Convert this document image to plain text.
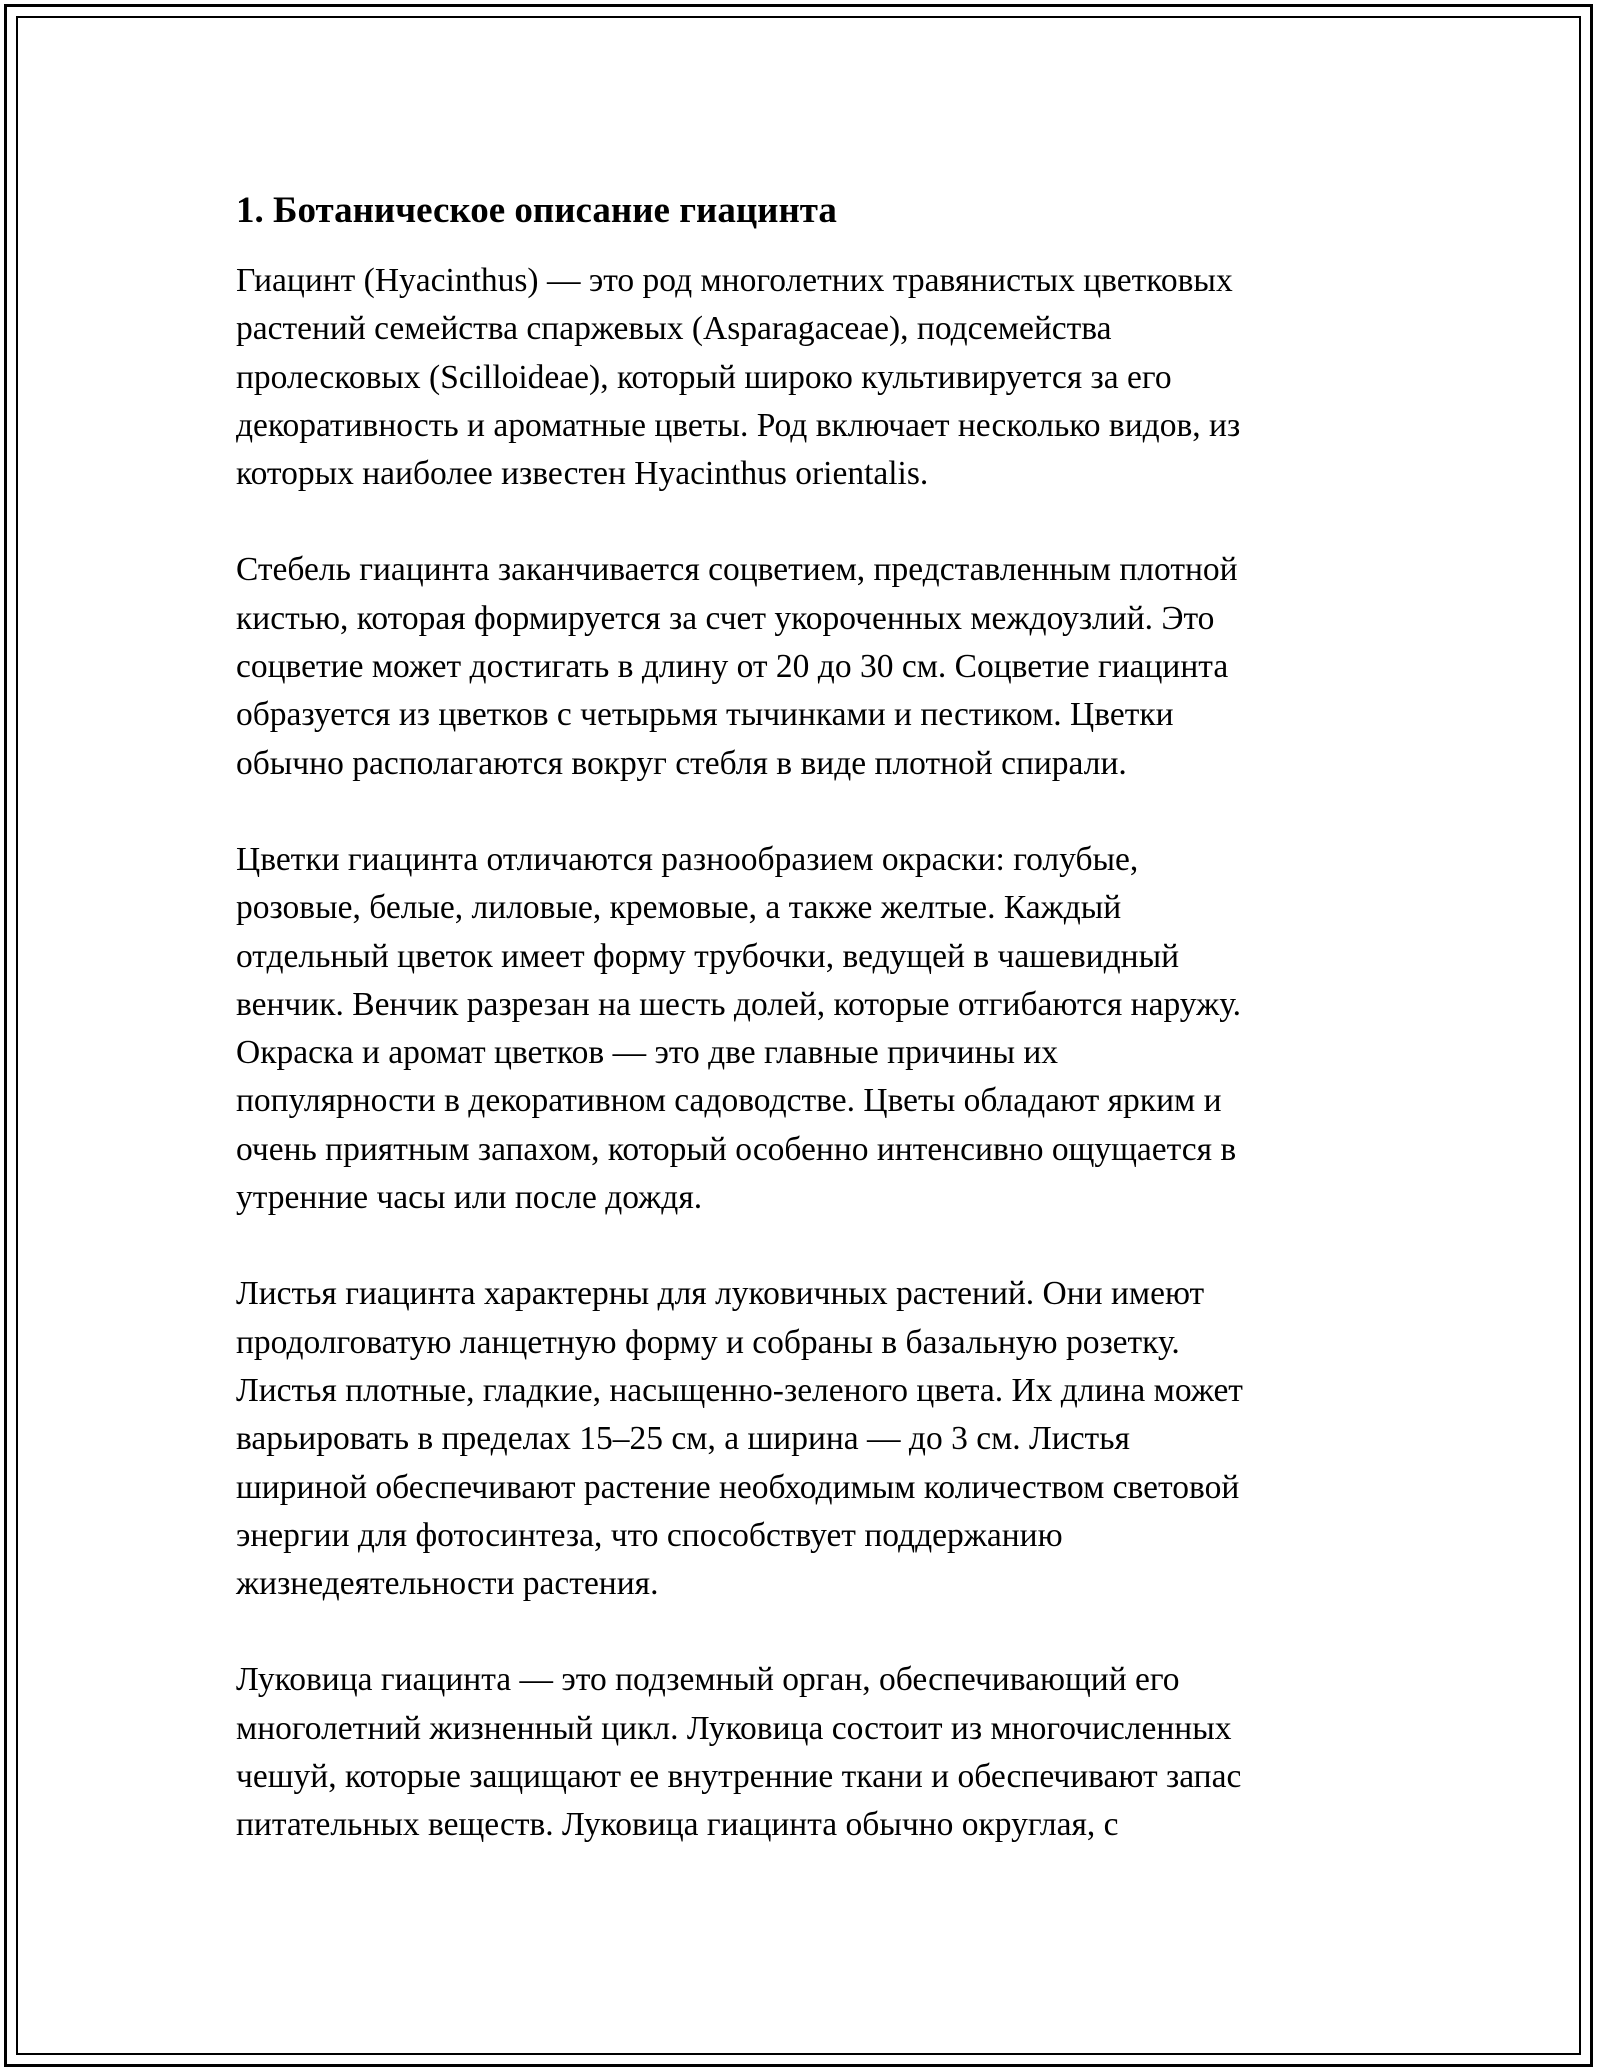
1. Ботаническое описание гиацинта

Гиацинт (Hyacinthus) — это род многолетних травянистых цветковых
растений семейства спаржевых (Asparagaceae), подсемейства
пролесковых (Scilloideae), который широко культивируется за его
декоративность и ароматные цветы. Род включает несколько видов, из
которых наиболее известен Hyacinthus orientalis.

Стебель гиацинта заканчивается соцветием, представленным плотной
кистью, которая формируется за счет укороченных междоузлий. Это
соцветие может достигать в длину от 20 до 30 см. Соцветие гиацинта
образуется из цветков с четырьмя тычинками и пестиком. Цветки
обычно располагаются вокруг стебля в виде плотной спирали.

Цветки гиацинта отличаются разнообразием окраски: голубые,
розовые, белые, лиловые, кремовые, а также желтые. Каждый
отдельный цветок имеет форму трубочки, ведущей в чашевидный
венчик. Венчик разрезан на шесть долей, которые отгибаются наружу.
Окраска и аромат цветков — это две главные причины их
популярности в декоративном садоводстве. Цветы обладают ярким и
очень приятным запахом, который особенно интенсивно ощущается в
утренние часы или после дождя.

Листья гиацинта характерны для луковичных растений. Они имеют
продолговатую ланцетную форму и собраны в базальную розетку.
Листья плотные, гладкие, насыщенно-зеленого цвета. Их длина может
варьировать в пределах 15–25 см, а ширина — до 3 см. Листья
шириной обеспечивают растение необходимым количеством световой
энергии для фотосинтеза, что способствует поддержанию
жизнедеятельности растения.

Луковица гиацинта — это подземный орган, обеспечивающий его
многолетний жизненный цикл. Луковица состоит из многочисленных
чешуй, которые защищают ее внутренние ткани и обеспечивают запас
питательных веществ. Луковица гиацинта обычно округлая, с
